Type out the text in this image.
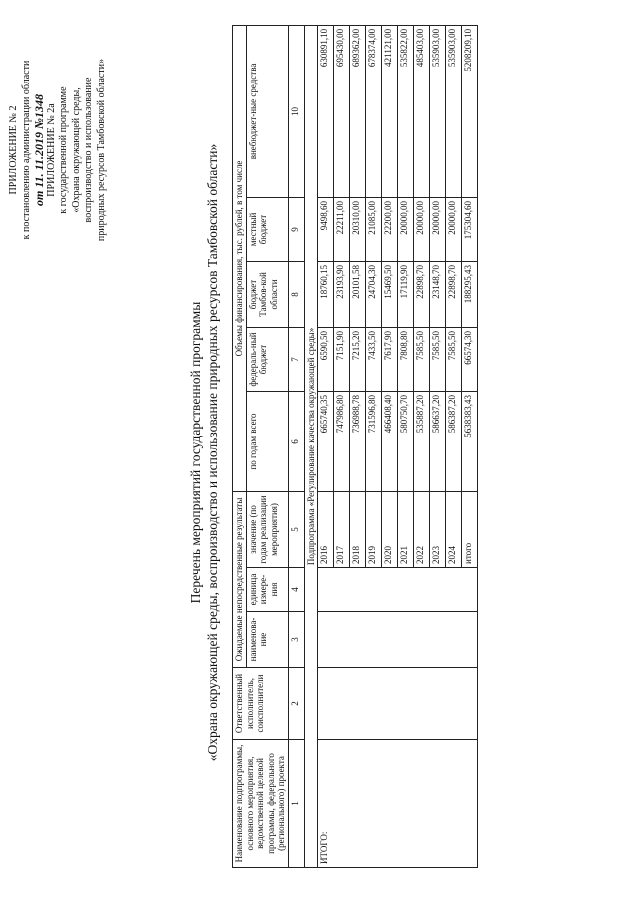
ПРИЛОЖЕНИЕ № 2 к постановлению администрации области от 11. 11.2019 №1348 ПРИЛОЖЕНИЕ № 2а к государственной программе «Охрана окружающей среды, воспроизводство и использование природных ресурсов Тамбовской области»
Перечень мероприятий государственной программы «Охрана окружающей среды, воспроизводство и использование природных ресурсов Тамбовской области»
Наименование подпрограммы, основного мероприятия, ведомственной целевой программы, федерального (регионального) проекта	Ответственный исполнитель, соисполнители	Ожидаемые непосредственные результаты			Объемы финансирования, тыс. рублей, в том числе				
		наименова-ние	единица измере-ния	значение (по годам реализации мероприятия)	по годам всего	федераль-ный бюджет	бюджет Тамбов-кой области	местный бюджет	внебюджет-ные средства

1	2	3	4	5	6	7	8	9	10
Подпрограмма «Регулирование качества окружающей среды»									
ИТОГО:				2016	665740,35	6590,50	18760,15	9498,60	630891,10
				2017	747986,80	7151,90	23193,90	22211,00	695430,00
				2018	736988,78	7215,20	20101,58	20310,00	689362,00
				2019	731596,80	7433,50	24704,30	21085,00	678374,00
				2020	466408,40	7617,90	15469,50	22200,00	421121,00
				2021	580750,70	7808,80	17119,90	20000,00	535822,00
				2022	535887,20	7585,50	22898,70	20000,00	485403,00
				2023	586637,20	7585,50	23148,70	20000,00	535903,00
				2024	586387,20	7585,50	22898,70	20000,00	535903,00
				итого	5638383,43	66574,30	188295,43	175304,60	5208209,10
